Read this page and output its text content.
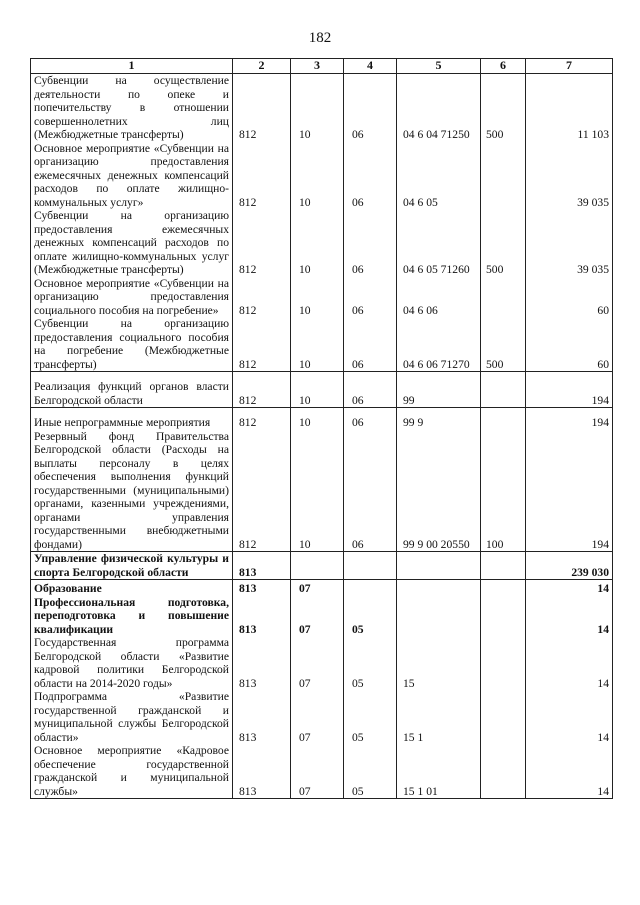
182
1	2	3	4	5	6	7
Субвенции на осуществление деятельности по опеке и попечительству в отношении совершеннолетних лиц (Межбюджетные трансферты)	812	10	06	04 6 04 71250	500	11 103
Основное мероприятие «Субвенции на организацию предоставления ежемесячных денежных компенсаций расходов по оплате жилищно-коммунальных услуг»	812	10	06	04 6 05		39 035
Субвенции на организацию предоставления ежемесячных денежных компенсаций расходов по оплате жилищно-коммунальных услуг (Межбюджетные трансферты)	812	10	06	04 6 05 71260	500	39 035
Основное мероприятие «Субвенции на организацию предоставления социального пособия на погребение»	812	10	06	04 6 06		60
Субвенции на организацию предоставления социального пособия на погребение (Межбюджетные трансферты)	812	10	06	04 6 06 71270	500	60
Реализация функций органов власти Белгородской области	812	10	06	99		194
Иные непрограммные мероприятия	812	10	06	99 9		194
Резервный фонд Правительства Белгородской области (Расходы на выплаты персоналу в целях обеспечения выполнения функций государственными (муниципальными) органами, казенными учреждениями, органами управления государственными внебюджетными фондами)	812	10	06	99 9 00 20550	100	194
Управление физической культуры и спорта Белгородской области	813					239 030
Образование	813	07				14
Профессиональная подготовка, переподготовка и повышение квалификации	813	07	05			14
Государственная программа Белгородской области «Развитие кадровой политики Белгородской области на 2014-2020 годы»	813	07	05	15		14
Подпрограмма «Развитие государственной гражданской и муниципальной службы Белгородской области»	813	07	05	15 1		14
Основное мероприятие «Кадровое обеспечение государственной гражданской и муниципальной службы»	813	07	05	15 1 01		14
